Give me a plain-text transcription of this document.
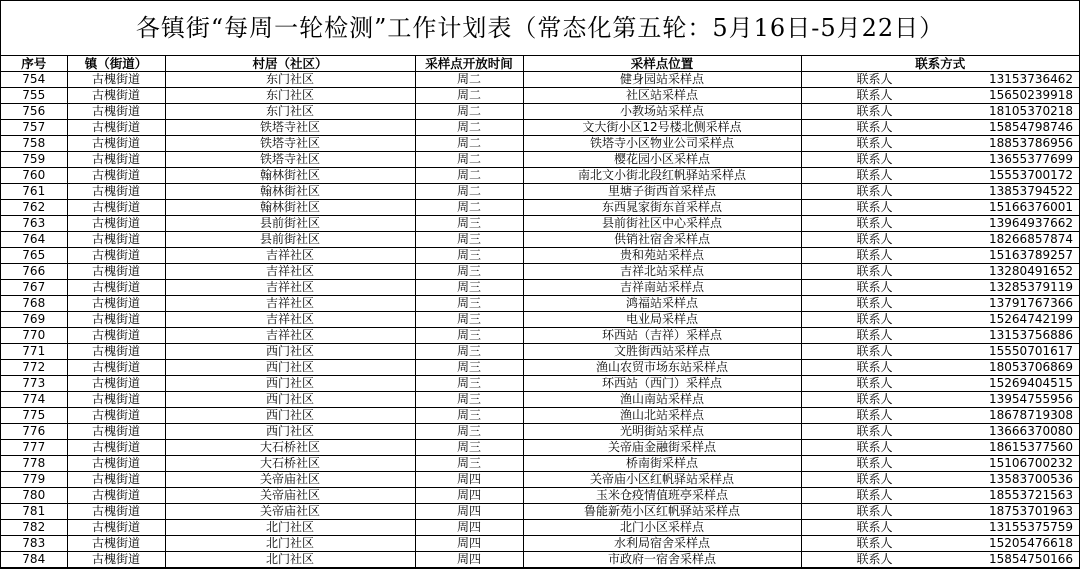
各镇街“每周一轮检测”工作计划表（常态化第五轮：5月16日-5月22日）
序号	镇（街道）	村居（社区）	采样点开放时间	采样点位置	联系方式
754	古槐街道	东门社区	周二	健身园站采样点	联系人 13153736462

755	古槐街道	东门社区	周二	社区站采样点	联系人 15650239918

756	古槐街道	东门社区	周二	小教场站采样点	联系人 18105370218

757	古槐街道	铁塔寺社区	周二	文大街小区12号楼北侧采样点	联系人 15854798746

758	古槐街道	铁塔寺社区	周二	铁塔寺小区物业公司采样点	联系人 18853786956

759	古槐街道	铁塔寺社区	周二	樱花园小区采样点	联系人 13655377699

760	古槐街道	翰林街社区	周二	南北文小街北段红帆驿站采样点	联系人 15553700172

761	古槐街道	翰林街社区	周二	里塘子街西首采样点	联系人 13853794522

762	古槐街道	翰林街社区	周二	东西晁家街东首采样点	联系人 15166376001

763	古槐街道	县前街社区	周三	县前街社区中心采样点	联系人 13964937662

764	古槐街道	县前街社区	周三	供销社宿舍采样点	联系人 18266857874

765	古槐街道	吉祥社区	周三	贵和苑站采样点	联系人 15163789257

766	古槐街道	吉祥社区	周三	吉祥北站采样点	联系人 13280491652

767	古槐街道	吉祥社区	周三	吉祥南站采样点	联系人 13285379119

768	古槐街道	吉祥社区	周三	鸿福站采样点	联系人 13791767366

769	古槐街道	吉祥社区	周三	电业局采样点	联系人 15264742199

770	古槐街道	吉祥社区	周三	环西站（吉祥）采样点	联系人 13153756886

771	古槐街道	西门社区	周三	文胜街西站采样点	联系人 15550701617

772	古槐街道	西门社区	周三	渔山农贸市场东站采样点	联系人 18053706869

773	古槐街道	西门社区	周三	环西站（西门）采样点	联系人 15269404515

774	古槐街道	西门社区	周三	渔山南站采样点	联系人 13954755956

775	古槐街道	西门社区	周三	渔山北站采样点	联系人 18678719308

776	古槐街道	西门社区	周三	光明街站采样点	联系人 13666370080

777	古槐街道	大石桥社区	周三	关帝庙金融街采样点	联系人 18615377560

778	古槐街道	大石桥社区	周三	桥南街采样点	联系人 15106700232

779	古槐街道	关帝庙社区	周四	关帝庙小区红帆驿站采样点	联系人 13583700536

780	古槐街道	关帝庙社区	周四	玉米仓疫情值班亭采样点	联系人 18553721563

781	古槐街道	关帝庙社区	周四	鲁能新苑小区红帆驿站采样点	联系人 18753701963

782	古槐街道	北门社区	周四	北门小区采样点	联系人 13155375759

783	古槐街道	北门社区	周四	水利局宿舍采样点	联系人 15205476618

784	古槐街道	北门社区	周四	市政府一宿舍采样点	联系人 15854750166
